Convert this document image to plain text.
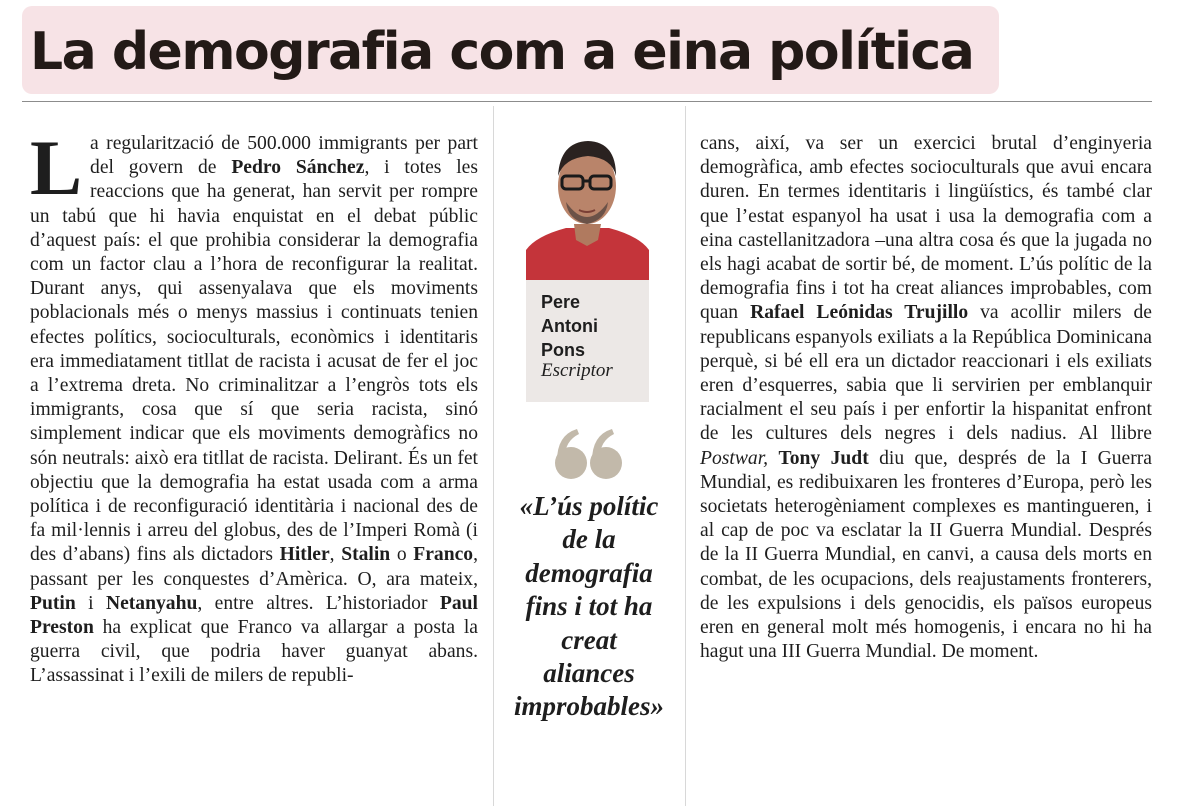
La demografia com a eina política

La regularització de 500.000 immigrants per part del govern de Pedro Sánchez, i totes les reaccions que ha generat, han servit per rompre un tabú que hi havia enquistat en el debat públic d’aquest país: el que prohibia considerar la demografia com un factor clau a l’hora de reconfigurar la realitat. Durant anys, qui assenyalava que els moviments poblacionals més o menys massius i continuats tenien efectes polítics, socioculturals, econòmics i identitaris era immediatament titllat de racista i acusat de fer el joc a l’extrema dreta. No criminalitzar a l’engròs tots els immigrants, cosa que sí que seria racista, sinó simplement indicar que els moviments demogràfics no són neutrals: això era titllat de racista. Delirant. És un fet objectiu que la demografia ha estat usada com a arma política i de reconfiguració identitària i nacional des de fa mil·lennis i arreu del globus, des de l’Imperi Romà (i des d’abans) fins als dictadors Hitler, Stalin o Franco, passant per les conquestes d’Amèrica. O, ara mateix, Putin i Netanyahu, entre altres. L’historiador Paul Preston ha explicat que Franco va allargar a posta la guerra civil, que podria haver guanyat abans. L’assassinat i l’exili de milers de republi-

Pere
Antoni
Pons

Escriptor

«L’ús polític
de la
demografia
fins i tot ha
creat
aliances
improbables»

cans, així, va ser un exercici brutal d’enginyeria demogràfica, amb efectes socioculturals que avui encara duren. En termes identitaris i lingüístics, és també clar que l’estat espanyol ha usat i usa la demografia com a eina castellanitzadora –una altra cosa és que la jugada no els hagi acabat de sortir bé, de moment. L’ús polític de la demografia fins i tot ha creat aliances improbables, com quan Rafael Leónidas Trujillo va acollir milers de republicans espanyols exiliats a la República Dominicana perquè, si bé ell era un dictador reaccionari i els exiliats eren d’esquerres, sabia que li servirien per emblanquir racialment el seu país i per enfortir la hispanitat enfront de les cultures dels negres i dels nadius. Al llibre Postwar, Tony Judt diu que, després de la I Guerra Mundial, es redibuixaren les fronteres d’Europa, però les societats heterogèniament complexes es mantingueren, i al cap de poc va esclatar la II Guerra Mundial. Després de la II Guerra Mundial, en canvi, a causa dels morts en combat, de les ocupacions, dels reajustaments fronterers, de les expulsions i dels genocidis, els països europeus eren en general molt més homogenis, i encara no hi ha hagut una III Guerra Mundial. De moment.
